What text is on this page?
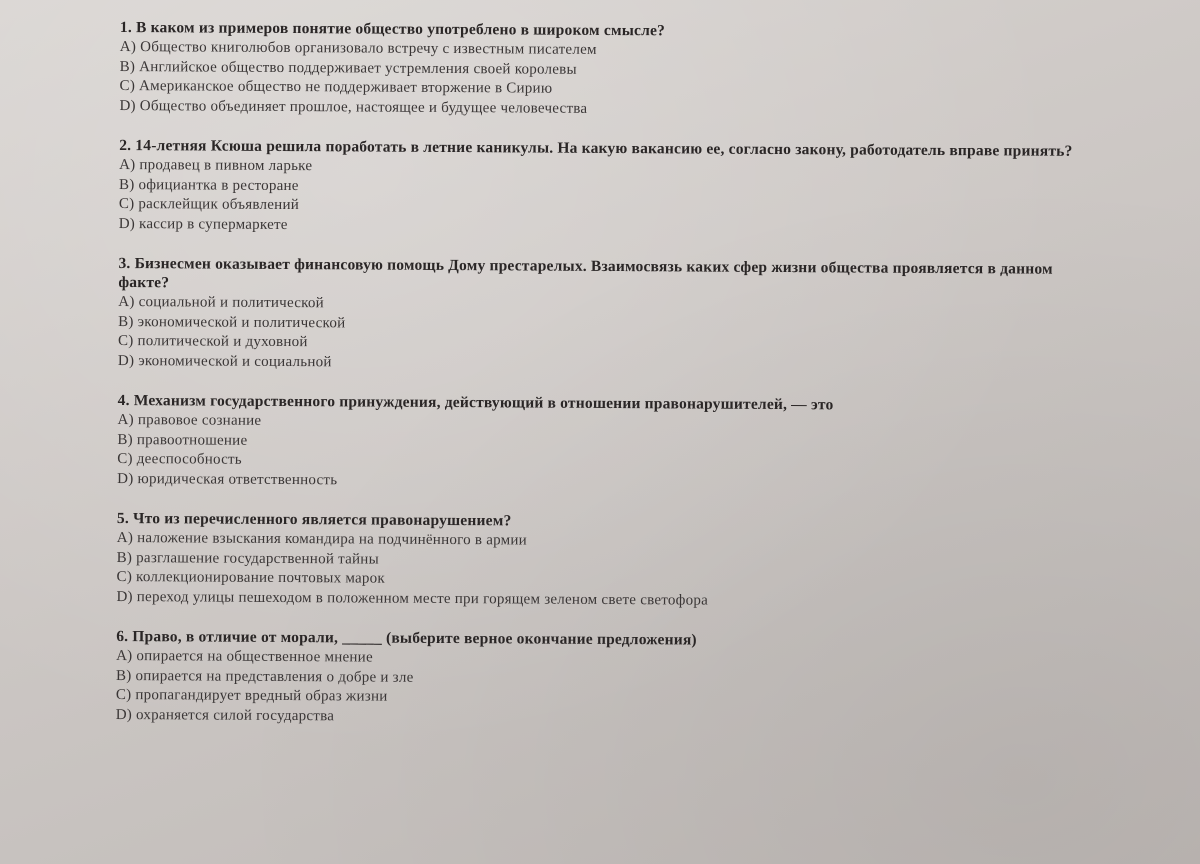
1. В каком из примеров понятие общество употреблено в широком смысле?
A) Общество книголюбов организовало встречу с известным писателем
B) Английское общество поддерживает устремления своей королевы
C) Американское общество не поддерживает вторжение в Сирию
D) Общество объединяет прошлое, настоящее и будущее человечества
2. 14-летняя Ксюша решила поработать в летние каникулы. На какую вакансию ее, согласно закону, работодатель вправе принять?
A) продавец в пивном ларьке
B) официантка в ресторане
C) расклейщик объявлений
D) кассир в супермаркете
3. Бизнесмен оказывает финансовую помощь Дому престарелых. Взаимосвязь каких сфер жизни общества проявляется в данном факте?
A) социальной и политической
B) экономической и политической
C) политической и духовной
D) экономической и социальной
4. Механизм государственного принуждения, действующий в отношении правонарушителей, — это
A) правовое сознание
B) правоотношение
C) дееспособность
D) юридическая ответственность
5. Что из перечисленного является правонарушением?
A) наложение взыскания командира на подчинённого в армии
B) разглашение государственной тайны
C) коллекционирование почтовых марок
D) переход улицы пешеходом в положенном месте при горящем зеленом свете светофора
6. Право, в отличие от морали, _____ (выберите верное окончание предложения)
A) опирается на общественное мнение
B) опирается на представления о добре и зле
C) пропагандирует вредный образ жизни
D) охраняется силой государства
